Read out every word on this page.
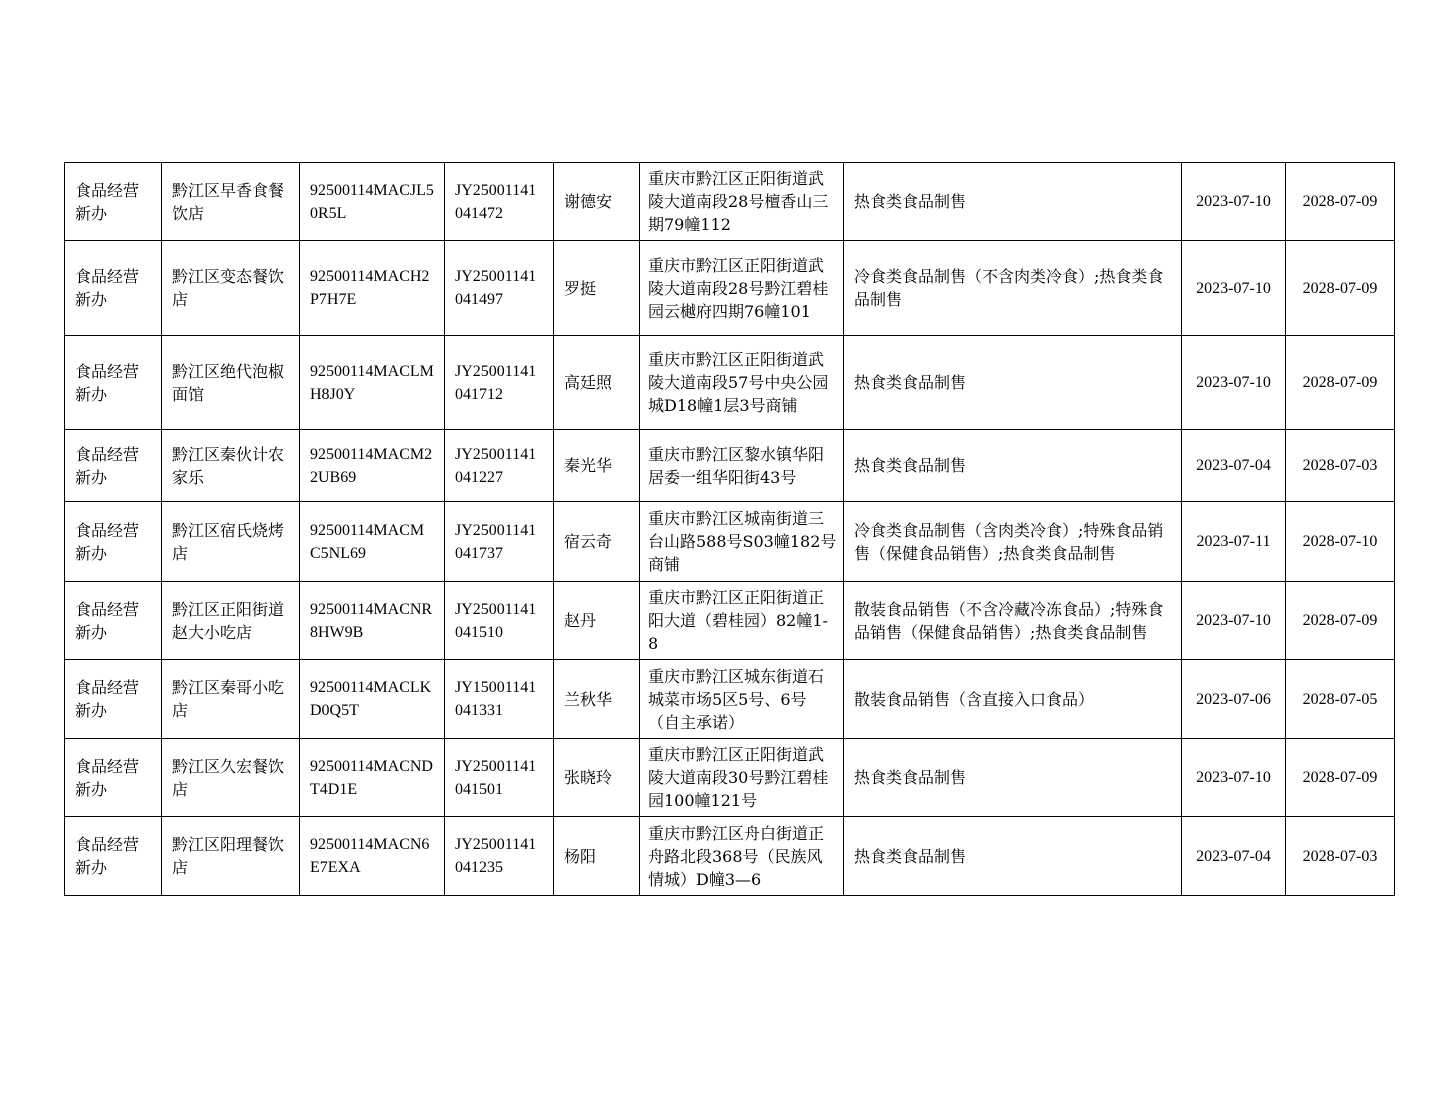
食品经营新办	黔江区早香食餐饮店	92500114MACJL50R5L	JY25001141041472	谢德安	重庆市黔江区正阳街道武陵大道南段28号檀香山三期79幢112	热食类食品制售	2023-07-10	2028-07-09
食品经营新办	黔江区变态餐饮店	92500114MACH2P7H7E	JY25001141041497	罗挺	重庆市黔江区正阳街道武陵大道南段28号黔江碧桂园云樾府四期76幢101	冷食类食品制售（不含肉类冷食）;热食类食品制售	2023-07-10	2028-07-09
食品经营新办	黔江区绝代泡椒面馆	92500114MACLMH8J0Y	JY25001141041712	高廷照	重庆市黔江区正阳街道武陵大道南段57号中央公园城D18幢1层3号商铺	热食类食品制售	2023-07-10	2028-07-09
食品经营新办	黔江区秦伙计农家乐	92500114MACM22UB69	JY25001141041227	秦光华	重庆市黔江区黎水镇华阳居委一组华阳街43号	热食类食品制售	2023-07-04	2028-07-03
食品经营新办	黔江区宿氏烧烤店	92500114MACMC5NL69	JY25001141041737	宿云奇	重庆市黔江区城南街道三台山路588号S03幢182号商铺	冷食类食品制售（含肉类冷食）;特殊食品销售（保健食品销售）;热食类食品制售	2023-07-11	2028-07-10
食品经营新办	黔江区正阳街道赵大小吃店	92500114MACNR8HW9B	JY25001141041510	赵丹	重庆市黔江区正阳街道正阳大道（碧桂园）82幢1-8	散装食品销售（不含冷藏冷冻食品）;特殊食品销售（保健食品销售）;热食类食品制售	2023-07-10	2028-07-09
食品经营新办	黔江区秦哥小吃店	92500114MACLKD0Q5T	JY15001141041331	兰秋华	重庆市黔江区城东街道石城菜市场5区5号、6号（自主承诺）	散装食品销售（含直接入口食品）	2023-07-06	2028-07-05
食品经营新办	黔江区久宏餐饮店	92500114MACNDT4D1E	JY25001141041501	张晓玲	重庆市黔江区正阳街道武陵大道南段30号黔江碧桂园100幢121号	热食类食品制售	2023-07-10	2028-07-09
食品经营新办	黔江区阳理餐饮店	92500114MACN6E7EXA	JY25001141041235	杨阳	重庆市黔江区舟白街道正舟路北段368号（民族风情城）D幢3—6	热食类食品制售	2023-07-04	2028-07-03
